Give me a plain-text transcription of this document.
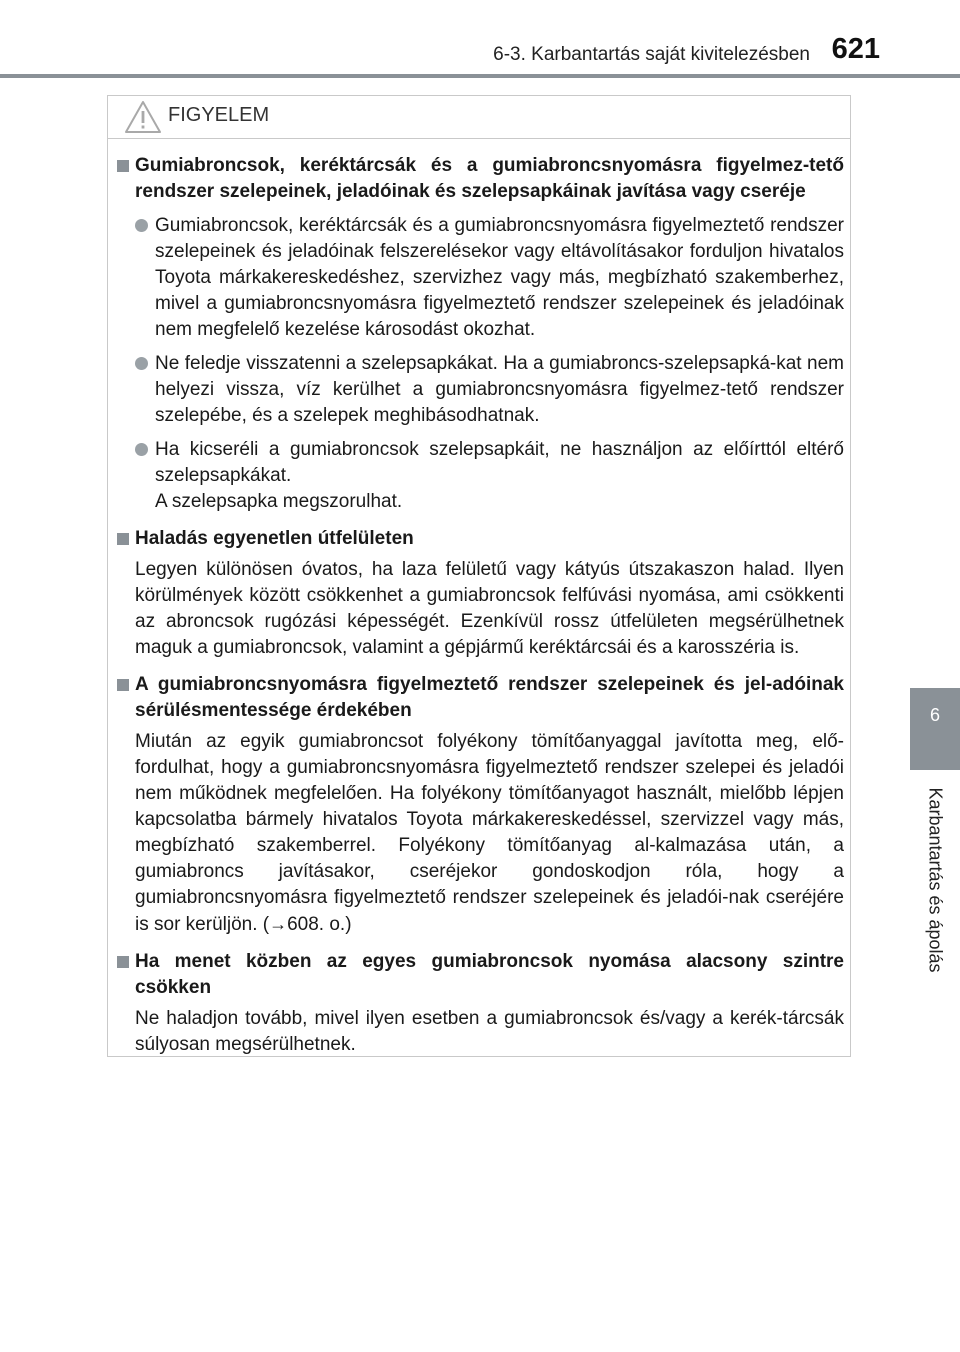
6-3. Karbantartás saját kivitelezésben 621
6
Karbantartás és ápolás
FIGYELEM
Gumiabroncsok, keréktárcsák és a gumiabroncsnyomásra figyelmez-tető rendszer szelepeinek, jeladóinak és szelepsapkáinak javítása vagy cseréje
Gumiabroncsok, keréktárcsák és a gumiabroncsnyomásra figyelmeztető rendszer szelepeinek és jeladóinak felszerelésekor vagy eltávolításakor forduljon hivatalos Toyota márkakereskedéshez, szervizhez vagy más, megbízható szakemberhez, mivel a gumiabroncsnyomásra figyelmeztető rendszer szelepeinek és jeladóinak nem megfelelő kezelése károsodást okozhat.
Ne feledje visszatenni a szelepsapkákat. Ha a gumiabroncs-szelepsapká-kat nem helyezi vissza, víz kerülhet a gumiabroncsnyomásra figyelmez-tető rendszer szelepébe, és a szelepek meghibásodhatnak.
Ha kicseréli a gumiabroncsok szelepsapkáit, ne használjon az előírttól eltérő szelepsapkákat.
A szelepsapka megszorulhat.
Haladás egyenetlen útfelületen
Legyen különösen óvatos, ha laza felületű vagy kátyús útszakaszon halad. Ilyen körülmények között csökkenhet a gumiabroncsok felfúvási nyomása, ami csökkenti az abroncsok rugózási képességét. Ezenkívül rossz útfelületen megsérülhetnek maguk a gumiabroncsok, valamint a gépjármű keréktárcsái és a karosszéria is.
A gumiabroncsnyomásra figyelmeztető rendszer szelepeinek és jel-adóinak sérülésmentessége érdekében
Miután az egyik gumiabroncsot folyékony tömítőanyaggal javította meg, elő-fordulhat, hogy a gumiabroncsnyomásra figyelmeztető rendszer szelepei és jeladói nem működnek megfelelően. Ha folyékony tömítőanyagot használt, mielőbb lépjen kapcsolatba bármely hivatalos Toyota márkakereskedéssel, szervizzel vagy más, megbízható szakemberrel. Folyékony tömítőanyag al-kalmazása után, a gumiabroncs javításakor, cseréjekor gondoskodjon róla, hogy a gumiabroncsnyomásra figyelmeztető rendszer szelepeinek és jeladói-nak cseréjére is sor kerüljön. (→608. o.)
Ha menet közben az egyes gumiabroncsok nyomása alacsony szintre csökken
Ne haladjon tovább, mivel ilyen esetben a gumiabroncsok és/vagy a kerék-tárcsák súlyosan megsérülhetnek.
